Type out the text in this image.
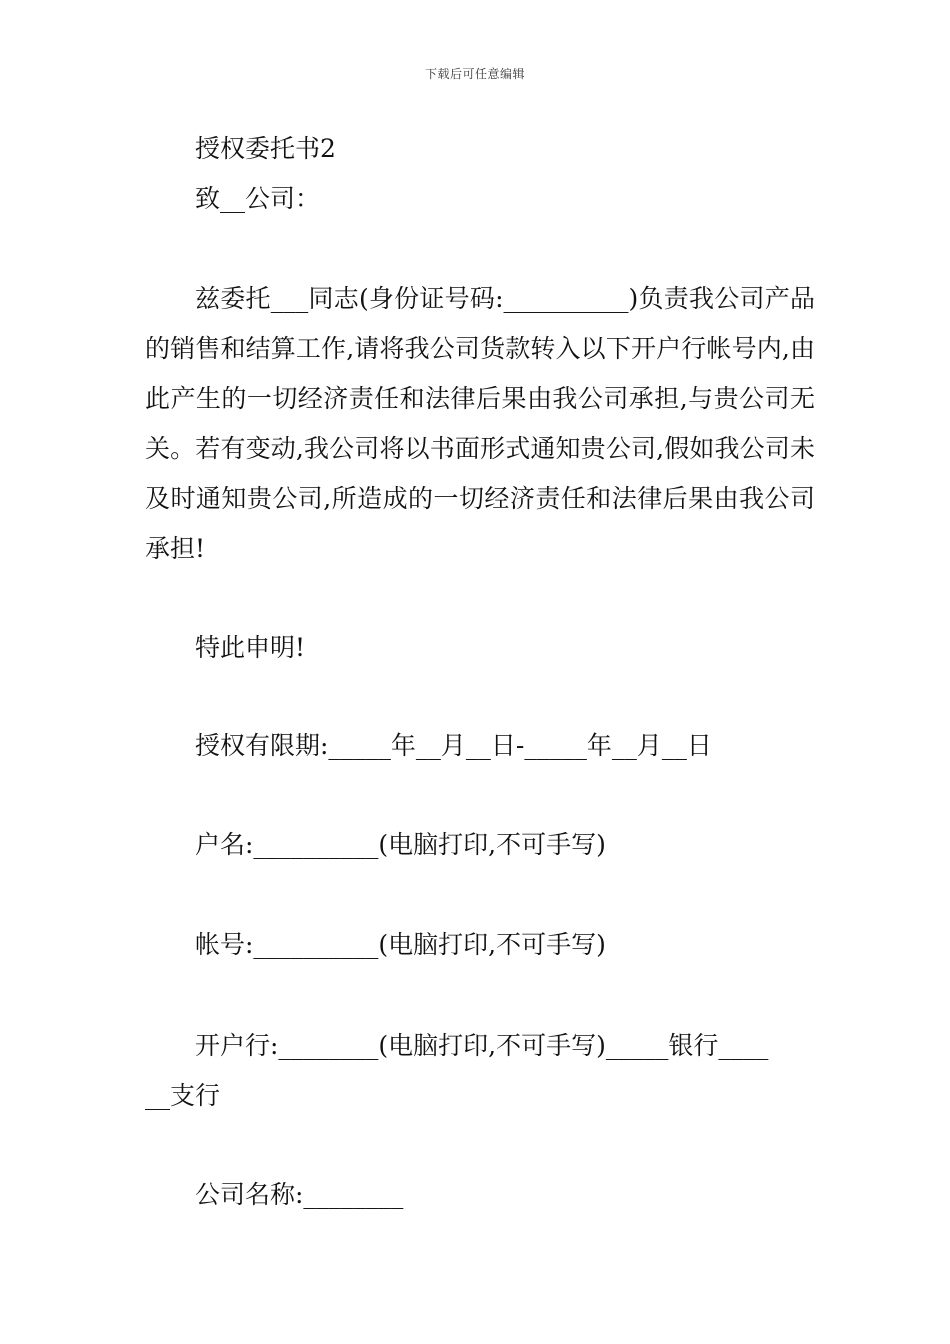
下载后可任意编辑
授权委托书2
致__公司：
兹委托___同志(身份证号码:__________)负责我公司产品的销售和结算工作,请将我公司货款转入以下开户行帐号内,由此产生的一切经济责任和法律后果由我公司承担,与贵公司无关。若有变动,我公司将以书面形式通知贵公司,假如我公司未及时通知贵公司,所造成的一切经济责任和法律后果由我公司承担!
特此申明!
授权有限期:_____年__月__日-_____年__月__日
户名:__________(电脑打印,不可手写)
帐号:__________(电脑打印,不可手写)
开户行:________(电脑打印,不可手写)_____银行____
__支行
公司名称:________
